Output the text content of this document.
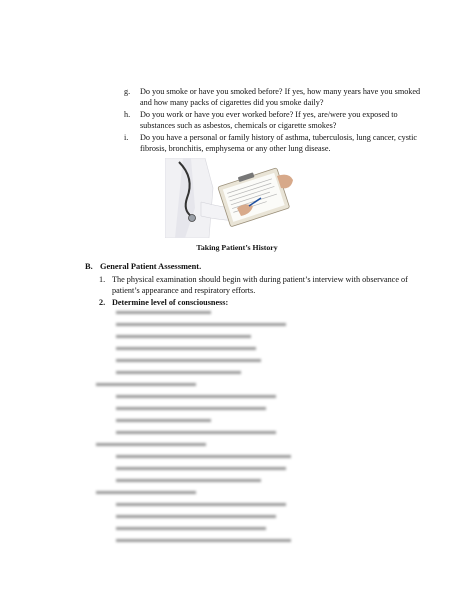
g.	Do you smoke or have you smoked before? If yes, how many years have you smoked and how many packs of cigarettes did you smoke daily?
h.	Do you work or have you ever worked before? If yes, are/were you exposed to substances such as asbestos, chemicals or cigarette smokes?
i.	Do you have a personal or family history of asthma, tuberculosis, lung cancer, cystic fibrosis, bronchitis, emphysema or any other lung disease.
Taking Patient’s History
B. General Patient Assessment.
1. The physical examination should begin with during patient’s interview with observance of patient’s appearance and respiratory efforts.
2. Determine level of consciousness:
